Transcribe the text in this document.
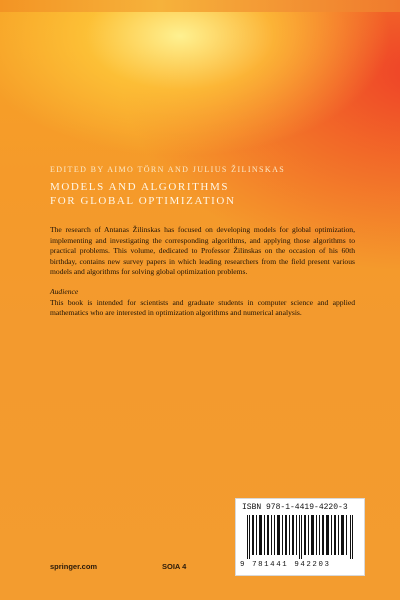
EDITED BY AIMO TÖRN AND JULIUS ŽILINSKAS
MODELS AND ALGORITHMS
FOR GLOBAL OPTIMIZATION

The research of Antanas Žilinskas has focused on developing models for global optimization, implementing and investigating the corresponding algorithms, and applying those algorithms to practical problems. This volume, dedicated to Professor Žilinskas on the occasion of his 60th birthday, contains new survey papers in which leading researchers from the field present various models and algorithms for solving global optimization problems.

Audience

This book is intended for scientists and graduate students in computer science and applied mathematics who are interested in optimization algorithms and numerical analysis.

ISBN 978-1-4419-4220-3
9 781441 942203
springer.com	SOIA 4
